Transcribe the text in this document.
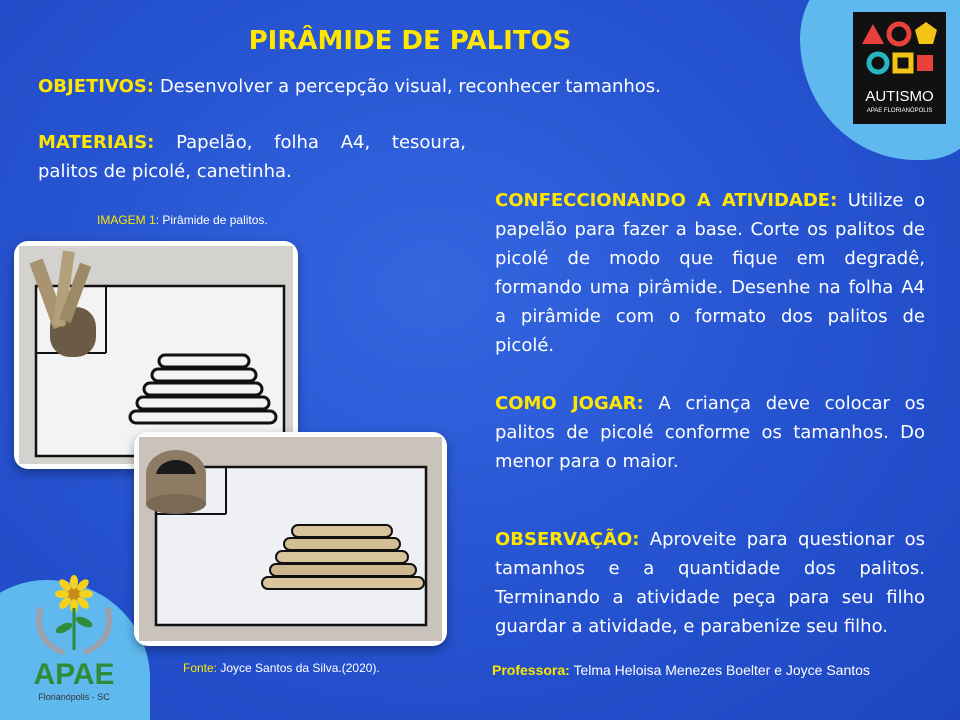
PIRÂMIDE DE PALITOS
OBJETIVOS: Desenvolver a percepção visual, reconhecer tamanhos.
MATERIAIS: Papelão, folha A4, tesoura, palitos de picolé, canetinha.
IMAGEM 1: Pirâmide de palitos.
CONFECCIONANDO A ATIVIDADE: Utilize o papelão para fazer a base. Corte os palitos de picolé de modo que fique em degradê, formando uma pirâmide. Desenhe na folha A4 a pirâmide com o formato dos palitos de picolé.
COMO JOGAR: A criança deve colocar os palitos de picolé conforme os tamanhos. Do menor para o maior.
OBSERVAÇÃO: Aproveite para questionar os tamanhos e a quantidade dos palitos. Terminando a atividade peça para seu filho guardar a atividade, e parabenize seu filho.
Fonte: Joyce Santos da Silva.(2020).	Professora: Telma Heloisa Menezes Boelter e Joyce Santos
AUTISMO
APAE FLORIANÓPOLIS
APAE
Florianópolis - SC
